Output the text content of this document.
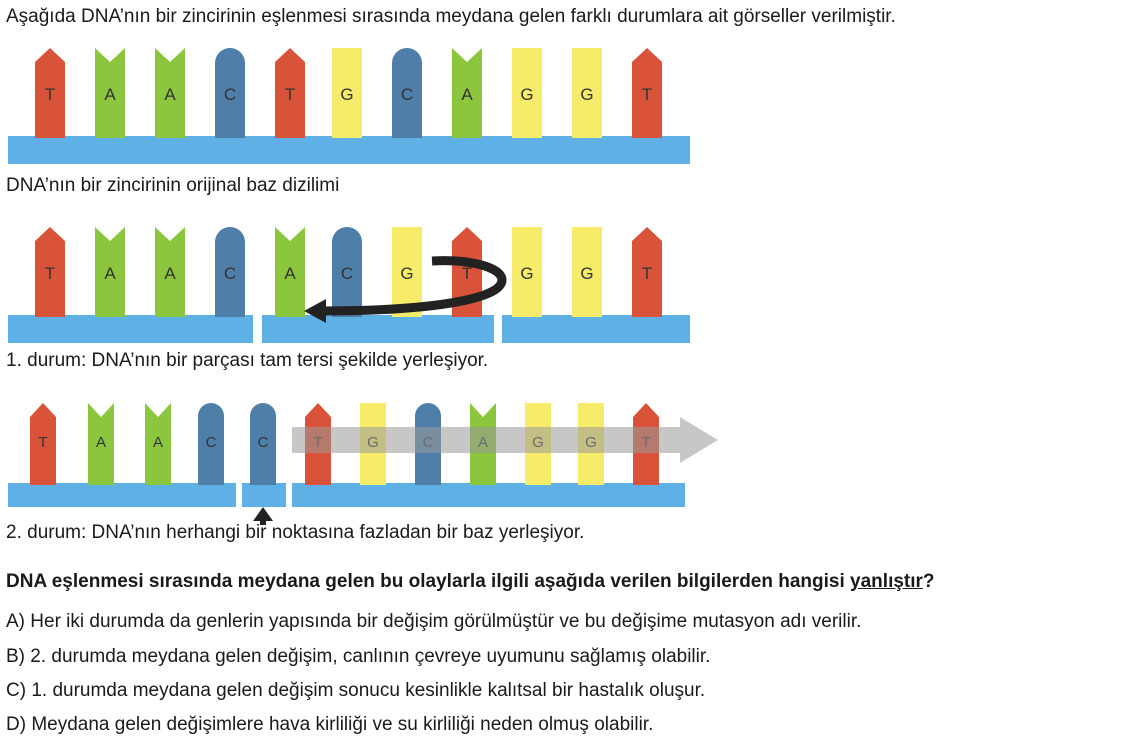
Aşağıda DNA’nın bir zincirinin eşlenmesi sırasında meydana gelen farklı durumlara ait görseller verilmiştir.
T	A	A	C	T	G	C	A	G	G	T
DNA’nın bir zincirinin orijinal baz dizilimi
T	A	A	C	A	C	G	T	G	G	T
1. durum: DNA’nın bir parçası tam tersi şekilde yerleşiyor.
T	A	A	C	C
2. durum: DNA’nın herhangi bir noktasına fazladan bir baz yerleşiyor.
DNA eşlenmesi sırasında meydana gelen bu olaylarla ilgili aşağıda verilen bilgilerden hangisi yanlıştır?
A) Her iki durumda da genlerin yapısında bir değişim görülmüştür ve bu değişime mutasyon adı verilir.
B) 2. durumda meydana gelen değişim, canlının çevreye uyumunu sağlamış olabilir.
C) 1. durumda meydana gelen değişim sonucu kesinlikle kalıtsal bir hastalık oluşur.
D) Meydana gelen değişimlere hava kirliliği ve su kirliliği neden olmuş olabilir.
